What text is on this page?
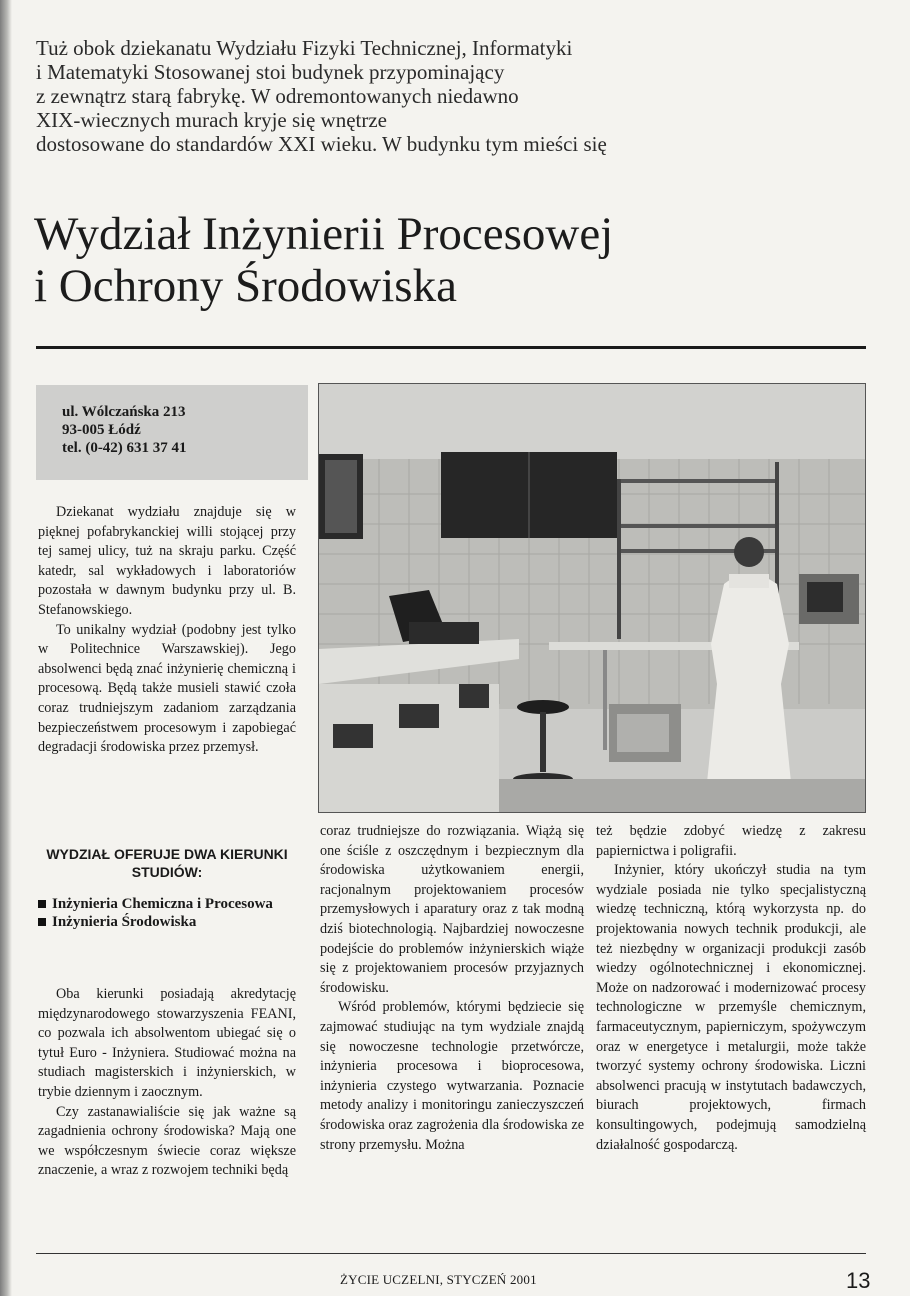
Tuż obok dziekanatu Wydziału Fizyki Technicznej, Informatyki
i Matematyki Stosowanej stoi budynek przypominający
z zewnątrz starą fabrykę. W odremontowanych niedawno
XIX-wiecznych murach kryje się wnętrze
dostosowane do standardów XXI wieku. W budynku tym mieści się
Wydział Inżynierii Procesowej
i Ochrony Środowiska
ul. Wólczańska 213
93-005 Łódź
tel. (0-42) 631 37 41

Dziekanat wydziału znajduje się w pięknej pofabrykanckiej willi stojącej przy tej samej ulicy, tuż na skraju parku. Część katedr, sal wykładowych i laboratoriów pozostała w dawnym budynku przy ul. B. Stefanowskiego.

To unikalny wydział (podobny jest tylko w Politechnice Warszawskiej). Jego absolwenci będą znać inżynierię chemiczną i procesową. Będą także musieli stawić czoła coraz trudniejszym zadaniom zarządzania bezpieczeństwem procesowym i zapobiegać degradacji środowiska przez przemysł.

WYDZIAŁ OFERUJE DWA KIERUNKI STUDIÓW:
Inżynieria Chemiczna i Procesowa
Inżynieria Środowiska

Oba kierunki posiadają akredytację międzynarodowego stowarzyszenia FEANI, co pozwala ich absolwentom ubiegać się o tytuł Euro - Inżyniera. Studiować można na studiach magisterskich i inżynierskich, w trybie dziennym i zaocznym.

Czy zastanawialiście się jak ważne są zagadnienia ochrony środowiska? Mają one we współczesnym świecie coraz większe znaczenie, a wraz z rozwojem techniki będą

coraz trudniejsze do rozwiązania. Wiążą się one ściśle z oszczędnym i bezpiecznym dla środowiska użytkowaniem energii, racjonalnym projektowaniem procesów przemysłowych i aparatury oraz z tak modną dziś biotechnologią. Najbardziej nowoczesne podejście do problemów inżynierskich wiąże się z projektowaniem procesów przyjaznych środowisku.

Wśród problemów, którymi będziecie się zajmować studiując na tym wydziale znajdą się nowoczesne technologie przetwórcze, inżynieria procesowa i bioprocesowa, inżynieria czystego wytwarzania. Poznacie metody analizy i monitoringu zanieczyszczeń środowiska oraz zagrożenia dla środowiska ze strony przemysłu. Można

też będzie zdobyć wiedzę z zakresu papiernictwa i poligrafii.

Inżynier, który ukończył studia na tym wydziale posiada nie tylko specjalistyczną wiedzę techniczną, którą wykorzysta np. do projektowania nowych technik produkcji, ale też niezbędny w organizacji produkcji zasób wiedzy ogólnotechnicznej i ekonomicznej. Może on nadzorować i modernizować procesy technologiczne w przemyśle chemicznym, farmaceutycznym, papierniczym, spożywczym oraz w energetyce i metalurgii, może także tworzyć systemy ochrony środowiska. Liczni absolwenci pracują w instytutach badawczych, biurach projektowych, firmach konsultingowych, podejmują samodzielną działalność gospodarczą.

ŻYCIE UCZELNI, STYCZEŃ 2001	13
